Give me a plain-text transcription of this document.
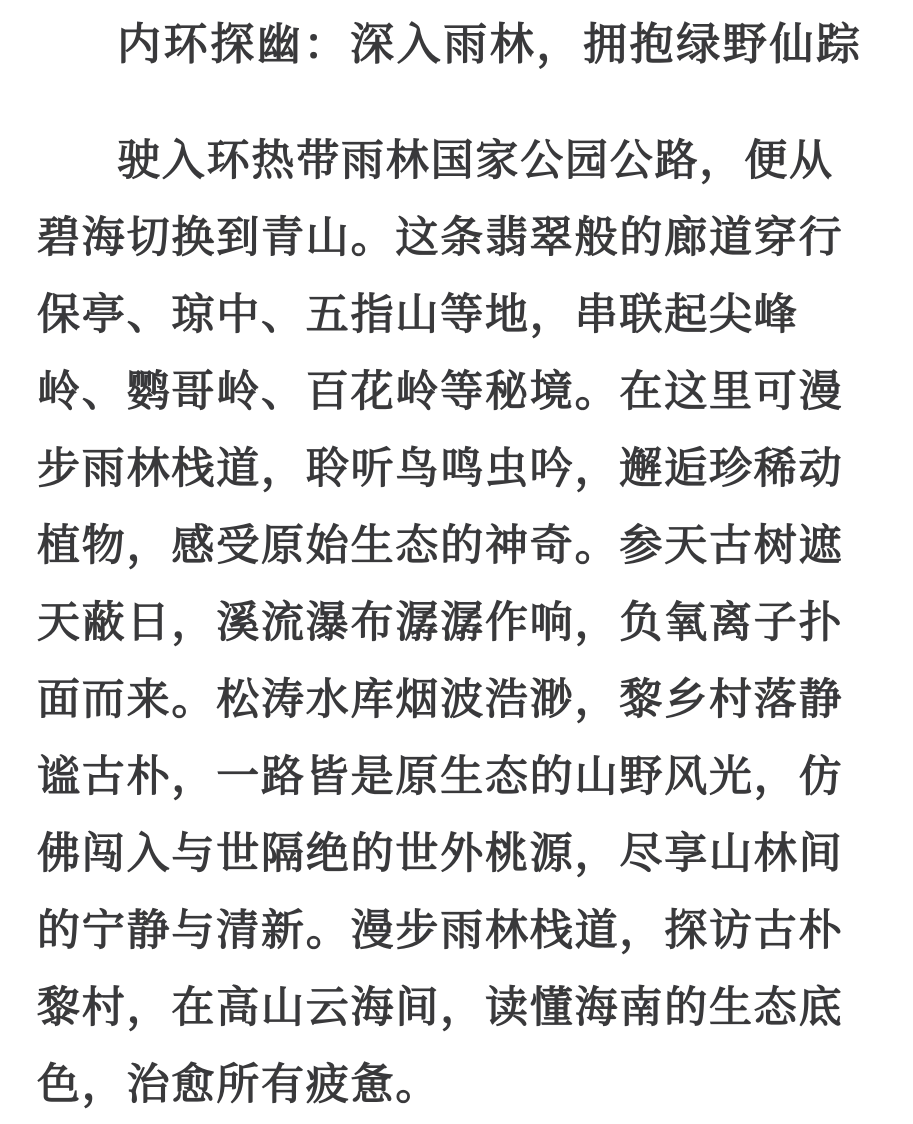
内环探幽：深入雨林，拥抱绿野仙踪
驶入环热带雨林国家公园公路，便从
碧海切换到青山。这条翡翠般的廊道穿行
保亭、琼中、五指山等地，串联起尖峰
岭、鹦哥岭、百花岭等秘境。在这里可漫
步雨林栈道，聆听鸟鸣虫吟，邂逅珍稀动
植物，感受原始生态的神奇。参天古树遮
天蔽日，溪流瀑布潺潺作响，负氧离子扑
面而来。松涛水库烟波浩渺，黎乡村落静
谧古朴，一路皆是原生态的山野风光，仿
佛闯入与世隔绝的世外桃源，尽享山林间
的宁静与清新。漫步雨林栈道，探访古朴
黎村，在高山云海间，读懂海南的生态底
色，治愈所有疲惫。
